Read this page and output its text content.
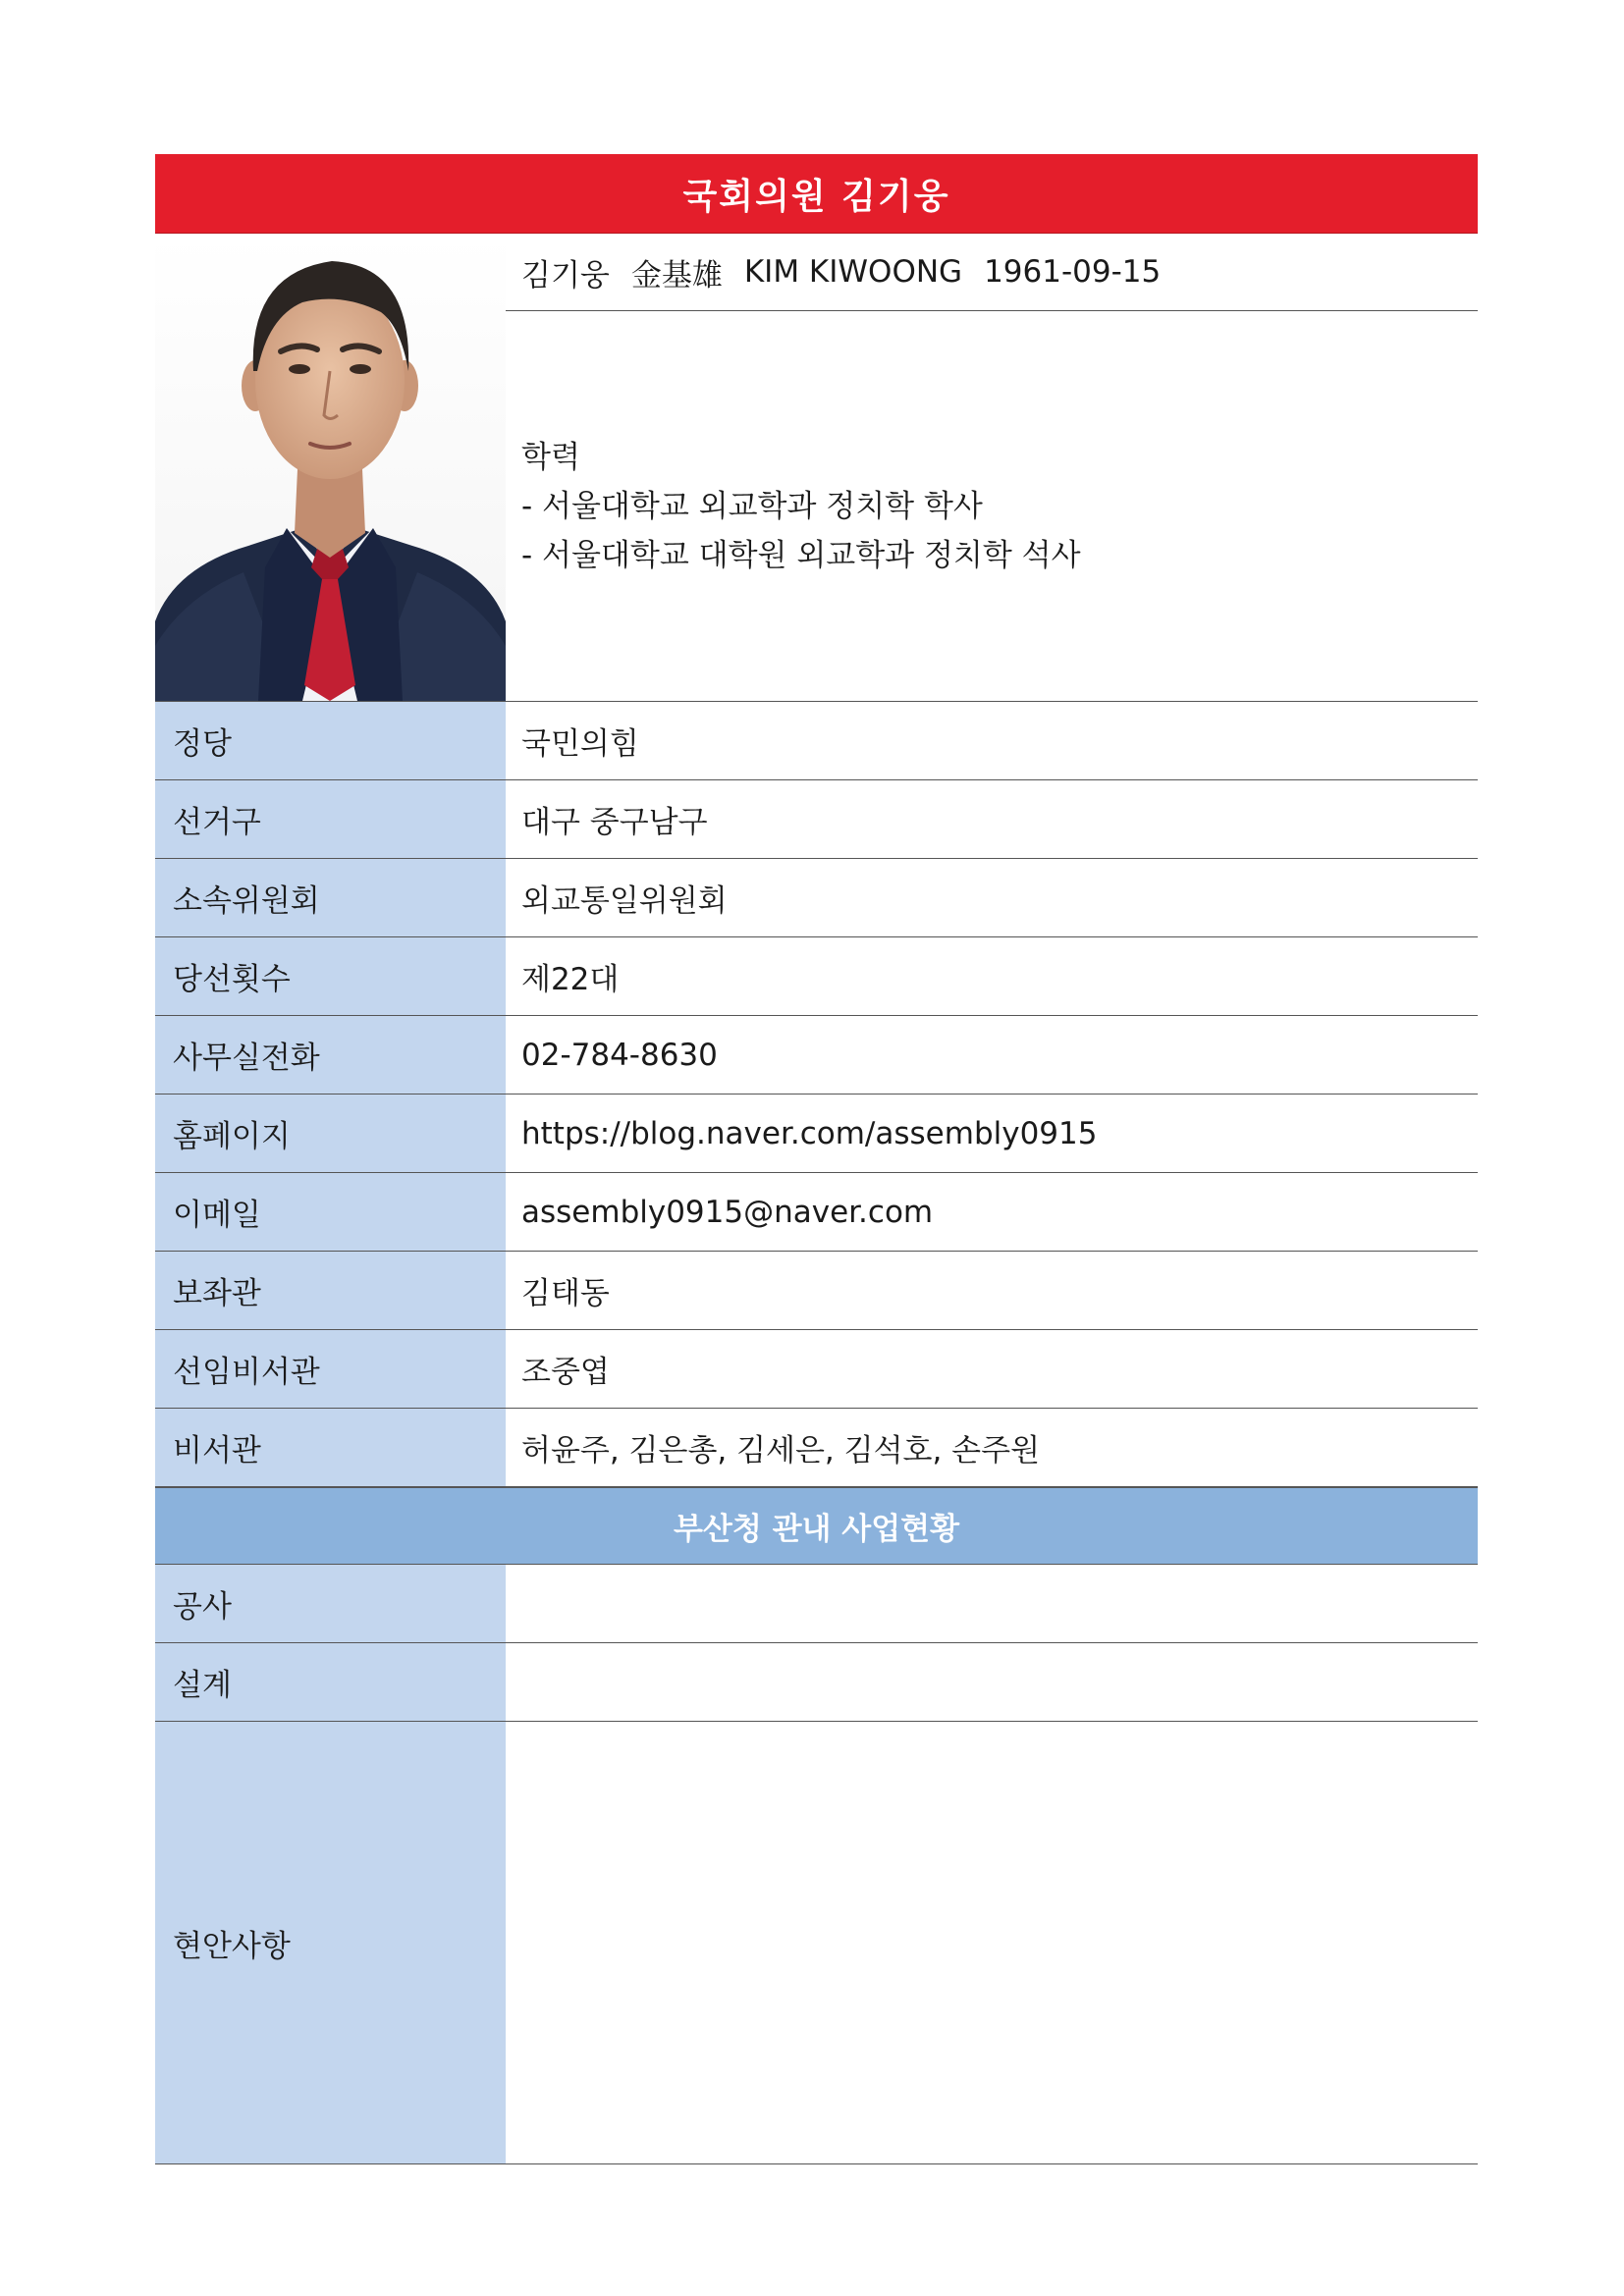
국회의원 김기웅
김기웅 金基雄 KIM KIWOONG 1961-09-15
학력
- 서울대학교 외교학과 정치학 학사
- 서울대학교 대학원 외교학과 정치학 석사
정당	국민의힘
선거구	대구 중구남구
소속위원회	외교통일위원회
당선횟수	제22대
사무실전화	02-784-8630
홈페이지	https://blog.naver.com/assembly0915
이메일	assembly0915@naver.com
보좌관	김태동
선임비서관	조중엽
비서관	허윤주, 김은총, 김세은, 김석호, 손주원
부산청 관내 사업현황
공사
설계
현안사항
